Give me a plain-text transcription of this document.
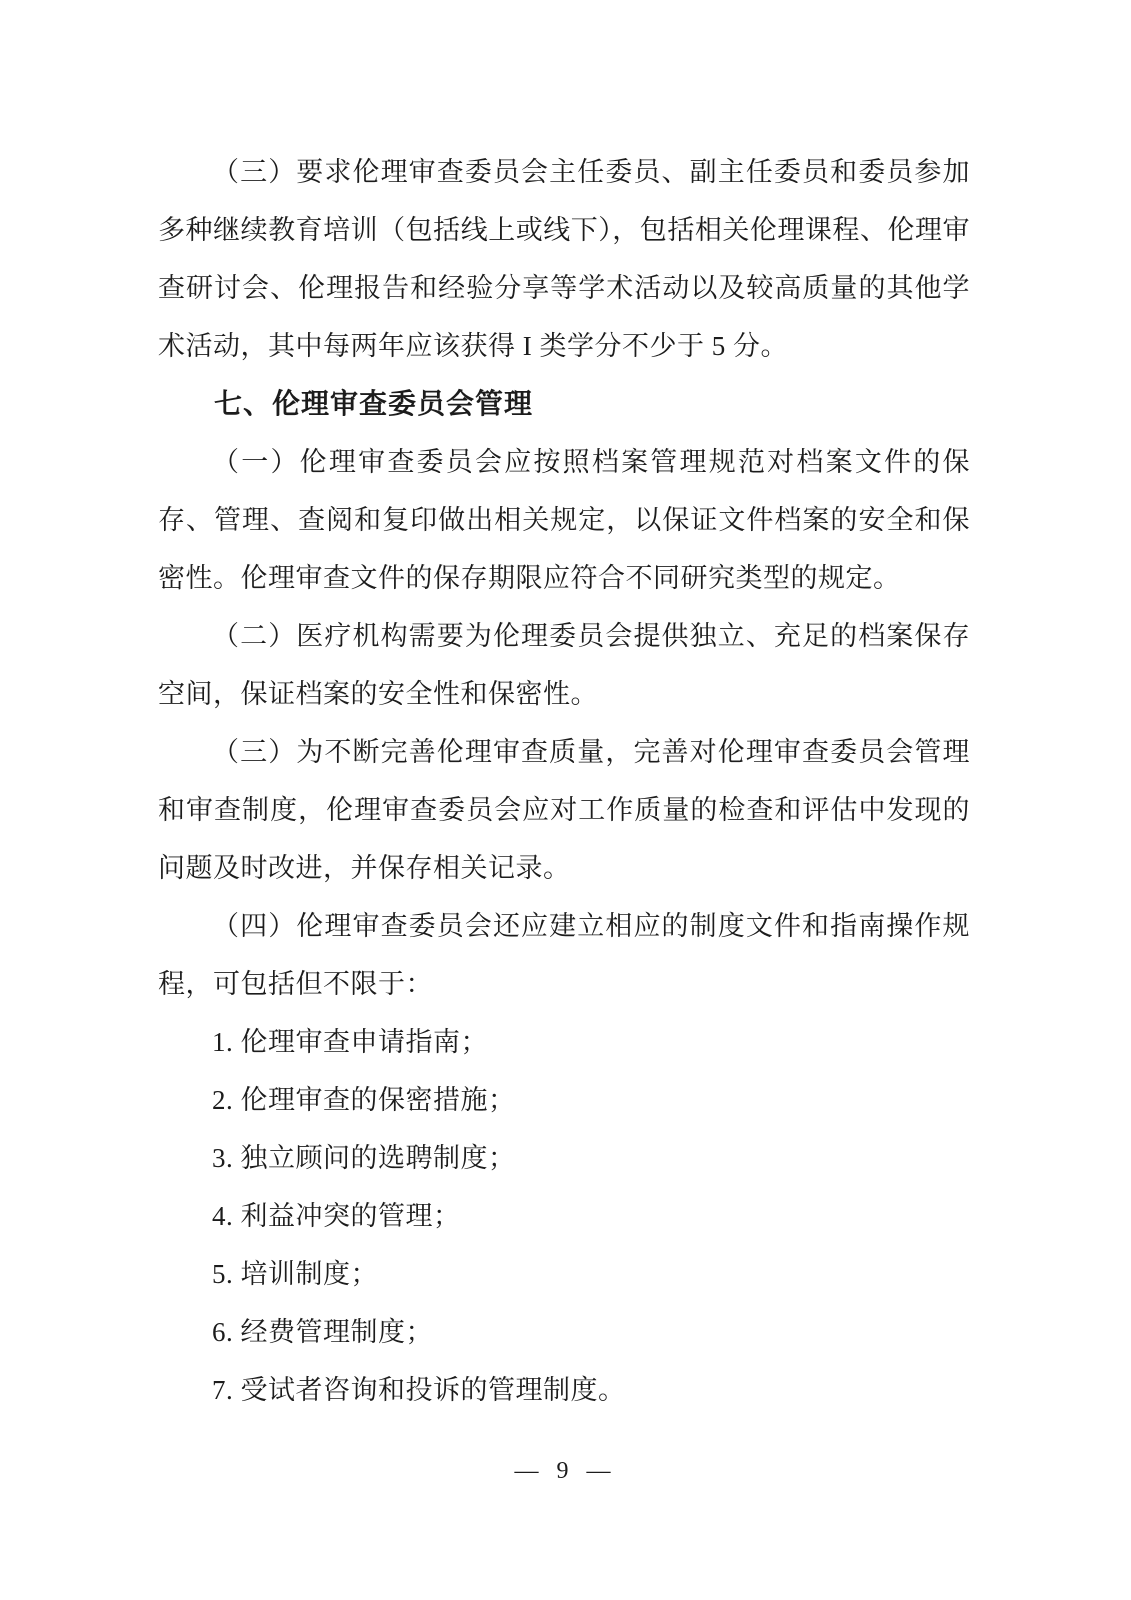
（三）要求伦理审查委员会主任委员、副主任委员和委员参加多种继续教育培训（包括线上或线下），包括相关伦理课程、伦理审查研讨会、伦理报告和经验分享等学术活动以及较高质量的其他学术活动，其中每两年应该获得 I 类学分不少于 5 分。

七、伦理审查委员会管理

（一）伦理审查委员会应按照档案管理规范对档案文件的保存、管理、查阅和复印做出相关规定，以保证文件档案的安全和保密性。伦理审查文件的保存期限应符合不同研究类型的规定。

（二）医疗机构需要为伦理委员会提供独立、充足的档案保存空间，保证档案的安全性和保密性。

（三）为不断完善伦理审查质量，完善对伦理审查委员会管理和审查制度，伦理审查委员会应对工作质量的检查和评估中发现的问题及时改进，并保存相关记录。

（四）伦理审查委员会还应建立相应的制度文件和指南操作规程，可包括但不限于：

1. 伦理审查申请指南；

2. 伦理审查的保密措施；

3. 独立顾问的选聘制度；

4. 利益冲突的管理；

5. 培训制度；

6. 经费管理制度；

7. 受试者咨询和投诉的管理制度。

— 9 —
